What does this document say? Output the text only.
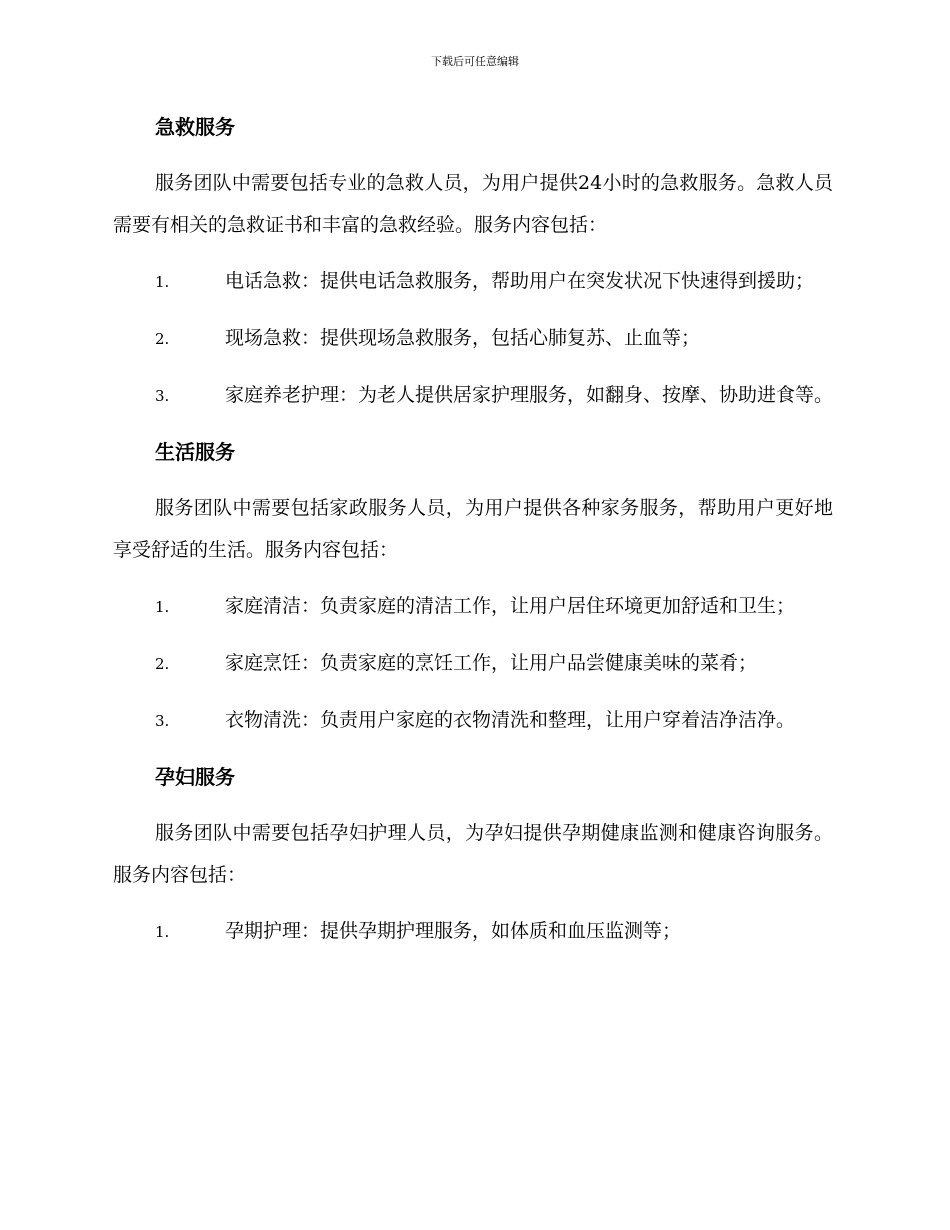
下载后可任意编辑
急救服务

服务团队中需要包括专业的急救人员，为用户提供24小时的急救服务。急救人员需要有相关的急救证书和丰富的急救经验。服务内容包括：

1.	电话急救：提供电话急救服务，帮助用户在突发状况下快速得到援助；

2.	现场急救：提供现场急救服务，包括心肺复苏、止血等；

3.	家庭养老护理：为老人提供居家护理服务，如翻身、按摩、协助进食等。

生活服务

服务团队中需要包括家政服务人员，为用户提供各种家务服务，帮助用户更好地享受舒适的生活。服务内容包括：

1.	家庭清洁：负责家庭的清洁工作，让用户居住环境更加舒适和卫生；

2.	家庭烹饪：负责家庭的烹饪工作，让用户品尝健康美味的菜肴；

3.	衣物清洗：负责用户家庭的衣物清洗和整理，让用户穿着洁净洁净。

孕妇服务

服务团队中需要包括孕妇护理人员，为孕妇提供孕期健康监测和健康咨询服务。服务内容包括：

1.	孕期护理：提供孕期护理服务，如体质和血压监测等；
